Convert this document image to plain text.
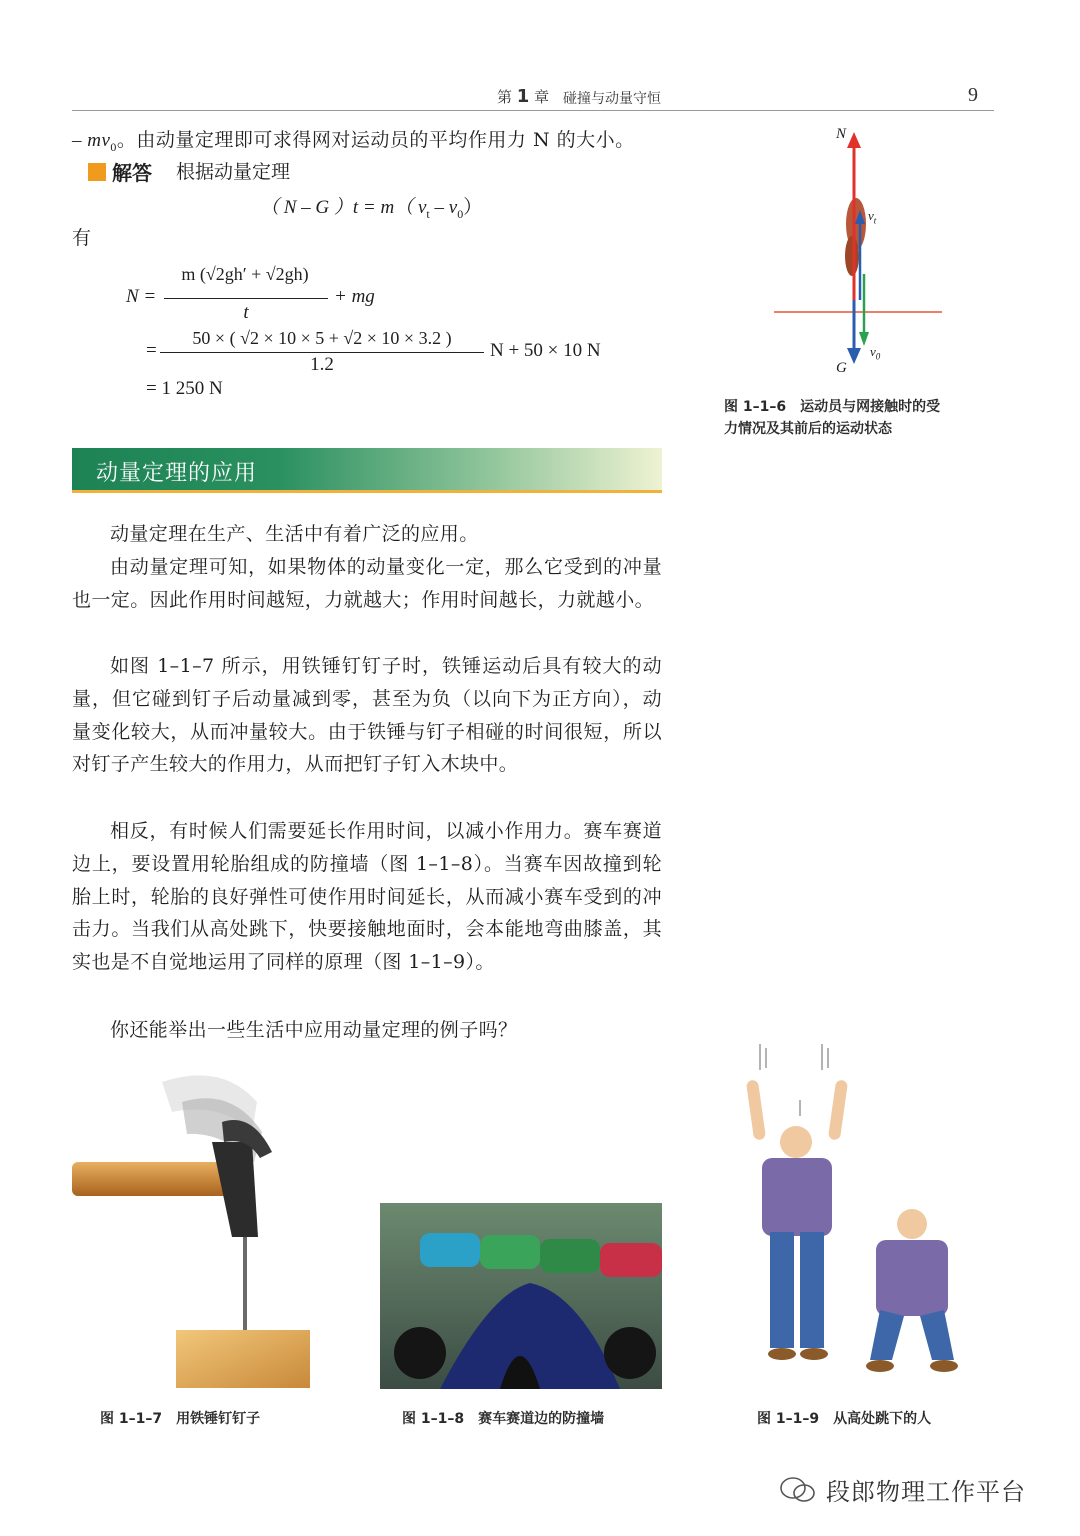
第 1 章 碰撞与动量守恒	9
– $mv_0$。由动量定理即可求得网对运动员的平均作用力 N 的大小。
解答 根据动量定理
（ N – G ）t = m（ $v_t - v_0$）
有
N =
m (√2gh′ + √2gh)
t
+ mg
=
50 × ( √2 × 10 × 5 + √2 × 10 × 3.2 )
1.2
N + 50 × 10 N
= 1 250 N
N
$v_t$
$v_0$
G
图 1–1–6　运动员与网接触时的受
力情况及其前后的运动状态
动量定理的应用
动量定理在生产、生活中有着广泛的应用。
由动量定理可知，如果物体的动量变化一定，那么它受到的冲量也一定。因此作用时间越短，力就越大；作用时间越长，力就越小。
如图 1–1–7 所示，用铁锤钉钉子时，铁锤运动后具有较大的动量，但它碰到钉子后动量减到零，甚至为负（以向下为正方向），动量变化较大，从而冲量较大。由于铁锤与钉子相碰的时间很短，所以对钉子产生较大的作用力，从而把钉子钉入木块中。
相反，有时候人们需要延长作用时间，以减小作用力。赛车赛道边上，要设置用轮胎组成的防撞墙（图 1–1–8）。当赛车因故撞到轮胎上时，轮胎的良好弹性可使作用时间延长，从而减小赛车受到的冲击力。当我们从高处跳下，快要接触地面时，会本能地弯曲膝盖，其实也是不自觉地运用了同样的原理（图 1–1–9）。
你还能举出一些生活中应用动量定理的例子吗？
图 1–1–7　用铁锤钉钉子	图 1–1–8　赛车赛道边的防撞墙	图 1–1–9　从高处跳下的人
段郎物理工作平台
